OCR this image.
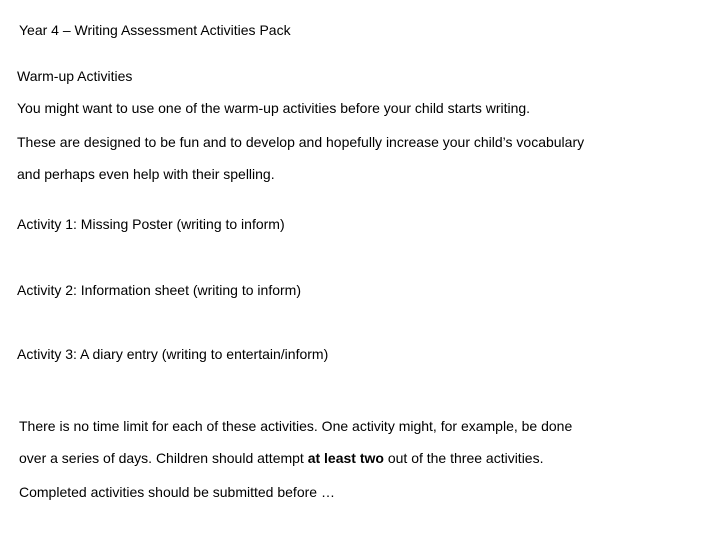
Year 4 – Writing Assessment Activities Pack
Warm-up Activities
You might want to use one of the warm-up activities before your child starts writing.
These are designed to be fun and to develop and hopefully increase your child’s vocabulary
and perhaps even help with their spelling.
Activity 1: Missing Poster (writing to inform)
Activity 2: Information sheet (writing to inform)
Activity 3: A diary entry (writing to entertain/inform)
There is no time limit for each of these activities. One activity might, for example, be done
over a series of days. Children should attempt at least two out of the three activities.
Completed activities should be submitted before …
